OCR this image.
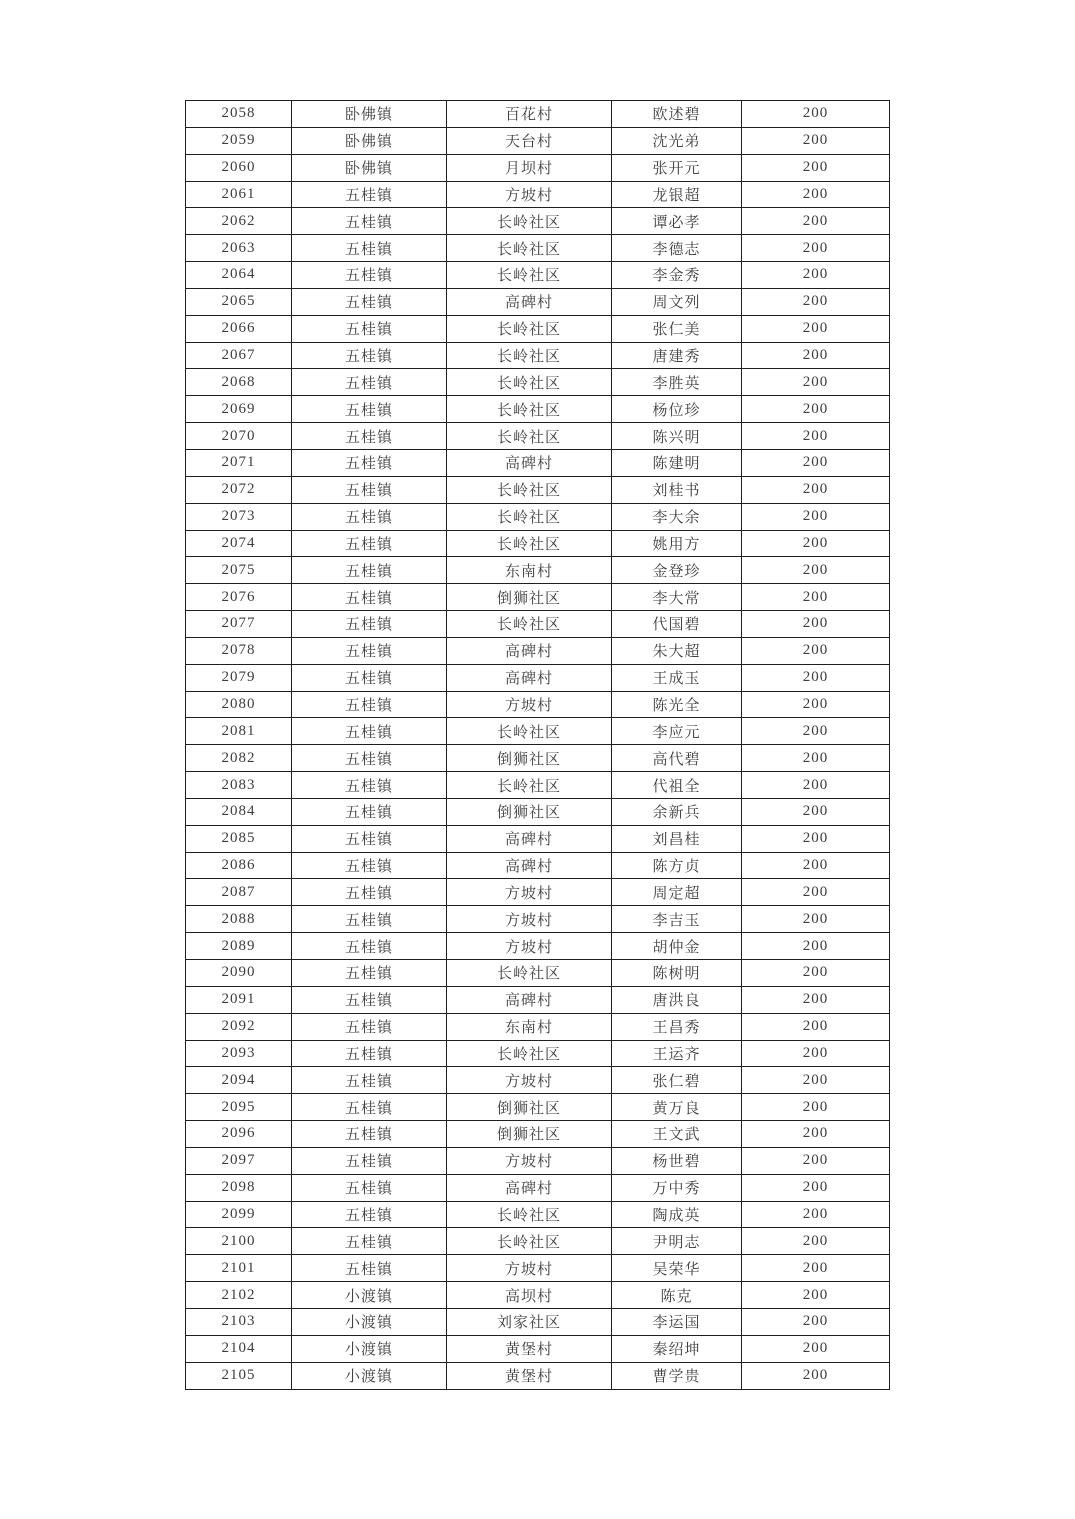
2058	卧佛镇	百花村	欧述碧	200
2059	卧佛镇	天台村	沈光弟	200
2060	卧佛镇	月坝村	张开元	200
2061	五桂镇	方坡村	龙银超	200
2062	五桂镇	长岭社区	谭必孝	200
2063	五桂镇	长岭社区	李德志	200
2064	五桂镇	长岭社区	李金秀	200
2065	五桂镇	高碑村	周文列	200
2066	五桂镇	长岭社区	张仁美	200
2067	五桂镇	长岭社区	唐建秀	200
2068	五桂镇	长岭社区	李胜英	200
2069	五桂镇	长岭社区	杨位珍	200
2070	五桂镇	长岭社区	陈兴明	200
2071	五桂镇	高碑村	陈建明	200
2072	五桂镇	长岭社区	刘桂书	200
2073	五桂镇	长岭社区	李大余	200
2074	五桂镇	长岭社区	姚用方	200
2075	五桂镇	东南村	金登珍	200
2076	五桂镇	倒狮社区	李大常	200
2077	五桂镇	长岭社区	代国碧	200
2078	五桂镇	高碑村	朱大超	200
2079	五桂镇	高碑村	王成玉	200
2080	五桂镇	方坡村	陈光全	200
2081	五桂镇	长岭社区	李应元	200
2082	五桂镇	倒狮社区	高代碧	200
2083	五桂镇	长岭社区	代祖全	200
2084	五桂镇	倒狮社区	余新兵	200
2085	五桂镇	高碑村	刘昌桂	200
2086	五桂镇	高碑村	陈方贞	200
2087	五桂镇	方坡村	周定超	200
2088	五桂镇	方坡村	李吉玉	200
2089	五桂镇	方坡村	胡仲金	200
2090	五桂镇	长岭社区	陈树明	200
2091	五桂镇	高碑村	唐洪良	200
2092	五桂镇	东南村	王昌秀	200
2093	五桂镇	长岭社区	王运齐	200
2094	五桂镇	方坡村	张仁碧	200
2095	五桂镇	倒狮社区	黄万良	200
2096	五桂镇	倒狮社区	王文武	200
2097	五桂镇	方坡村	杨世碧	200
2098	五桂镇	高碑村	万中秀	200
2099	五桂镇	长岭社区	陶成英	200
2100	五桂镇	长岭社区	尹明志	200
2101	五桂镇	方坡村	吴荣华	200
2102	小渡镇	高坝村	陈克	200
2103	小渡镇	刘家社区	李运国	200
2104	小渡镇	黄堡村	秦绍坤	200
2105	小渡镇	黄堡村	曹学贵	200
